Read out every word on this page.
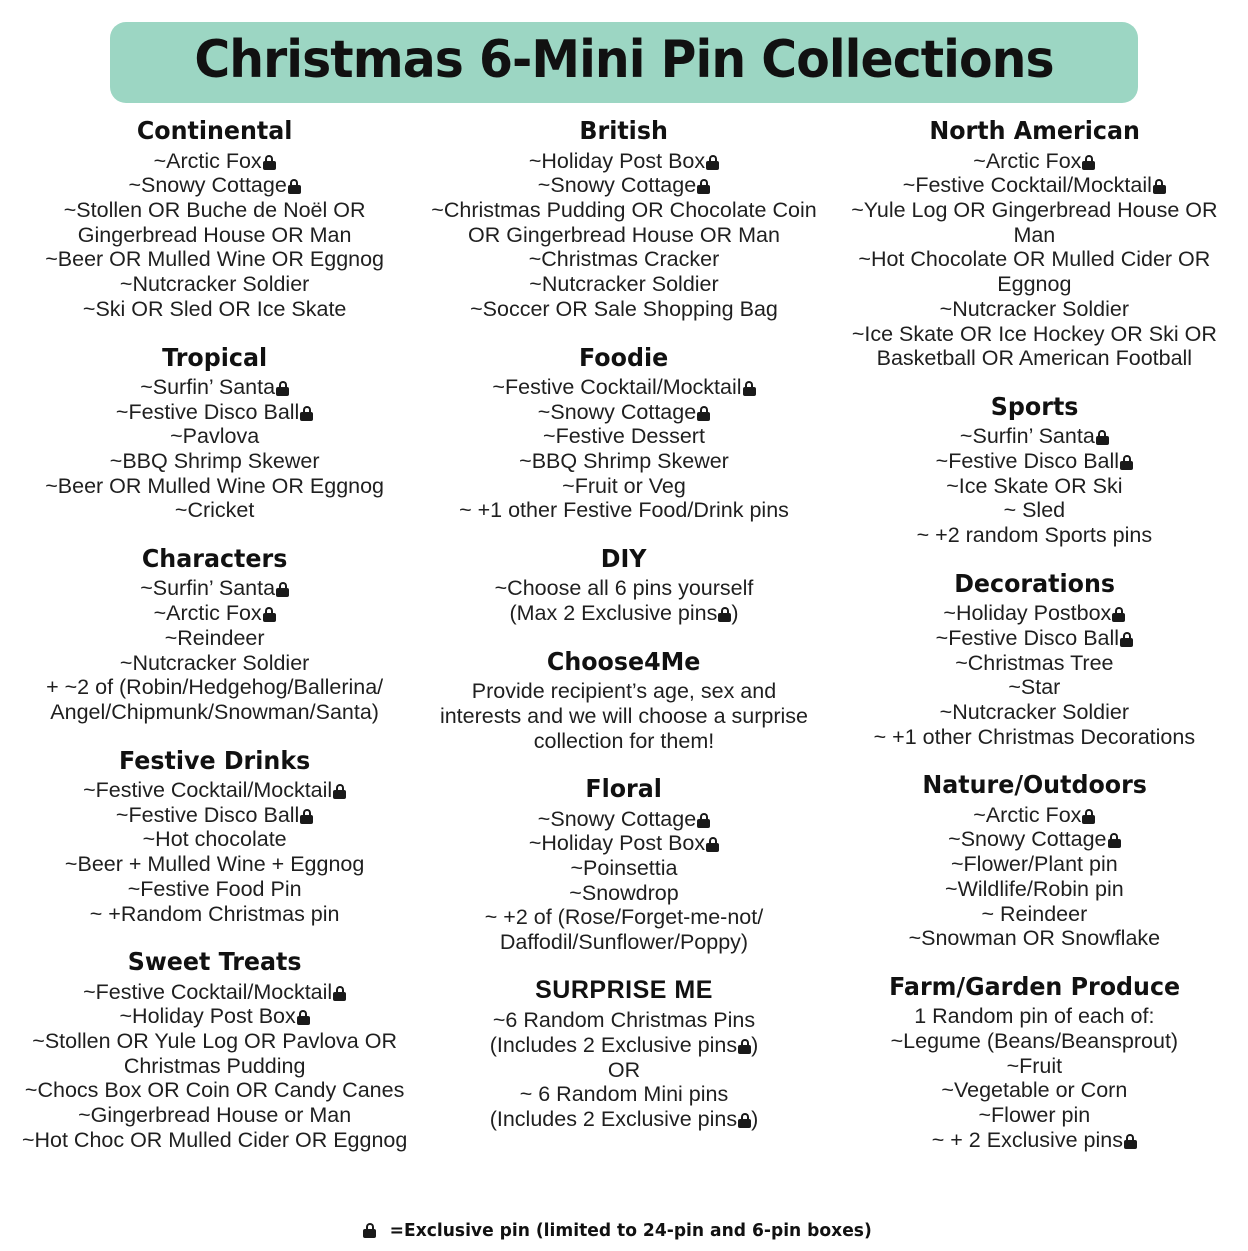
Christmas 6-Mini Pin Collections
Continental
~Arctic Fox
~Snowy Cottage
~Stollen OR Buche de Noël OR Gingerbread House OR Man
~Beer OR Mulled Wine OR Eggnog
~Nutcracker Soldier
~Ski OR Sled OR Ice Skate
Tropical
~Surfin’ Santa
~Festive Disco Ball
~Pavlova
~BBQ Shrimp Skewer
~Beer OR Mulled Wine OR Eggnog
~Cricket
Characters
~Surfin’ Santa
~Arctic Fox
~Reindeer
~Nutcracker Soldier
+ ~2 of (Robin/Hedgehog/Ballerina/ Angel/Chipmunk/Snowman/Santa)
Festive Drinks
~Festive Cocktail/Mocktail
~Festive Disco Ball
~Hot chocolate
~Beer + Mulled Wine + Eggnog
~Festive Food Pin
~ +Random Christmas pin
Sweet Treats
~Festive Cocktail/Mocktail
~Holiday Post Box
~Stollen OR Yule Log OR Pavlova OR Christmas Pudding
~Chocs Box OR Coin OR Candy Canes
~Gingerbread House or Man
~Hot Choc OR Mulled Cider OR Eggnog
British
~Holiday Post Box
~Snowy Cottage
~Christmas Pudding OR Chocolate Coin OR Gingerbread House OR Man
~Christmas Cracker
~Nutcracker Soldier
~Soccer OR Sale Shopping Bag
Foodie
~Festive Cocktail/Mocktail
~Snowy Cottage
~Festive Dessert
~BBQ Shrimp Skewer
~Fruit or Veg
~ +1 other Festive Food/Drink pins
DIY
~Choose all 6 pins yourself
(Max 2 Exclusive pins )
Choose4Me
Provide recipient’s age, sex and interests and we will choose a surprise collection for them!
Floral
~Snowy Cottage
~Holiday Post Box
~Poinsettia
~Snowdrop
~ +2 of (Rose/Forget-me-not/ Daffodil/Sunflower/Poppy)
SURPRISE ME
~6 Random Christmas Pins
(Includes 2 Exclusive pins )
OR
~ 6 Random Mini pins
(Includes 2 Exclusive pins )
North American
~Arctic Fox
~Festive Cocktail/Mocktail
~Yule Log OR Gingerbread House OR Man
~Hot Chocolate OR Mulled Cider OR Eggnog
~Nutcracker Soldier
~Ice Skate OR Ice Hockey OR Ski OR Basketball OR American Football
Sports
~Surfin’ Santa
~Festive Disco Ball
~Ice Skate OR Ski
~ Sled
~ +2 random Sports pins
Decorations
~Holiday Postbox
~Festive Disco Ball
~Christmas Tree
~Star
~Nutcracker Soldier
~ +1 other Christmas Decorations
Nature/Outdoors
~Arctic Fox
~Snowy Cottage
~Flower/Plant pin
~Wildlife/Robin pin
~ Reindeer
~Snowman OR Snowflake
Farm/Garden Produce
1 Random pin of each of:
~Legume (Beans/Beansprout)
~Fruit
~Vegetable or Corn
~Flower pin
~ + 2 Exclusive pins
=Exclusive pin (limited to 24-pin and 6-pin boxes)
